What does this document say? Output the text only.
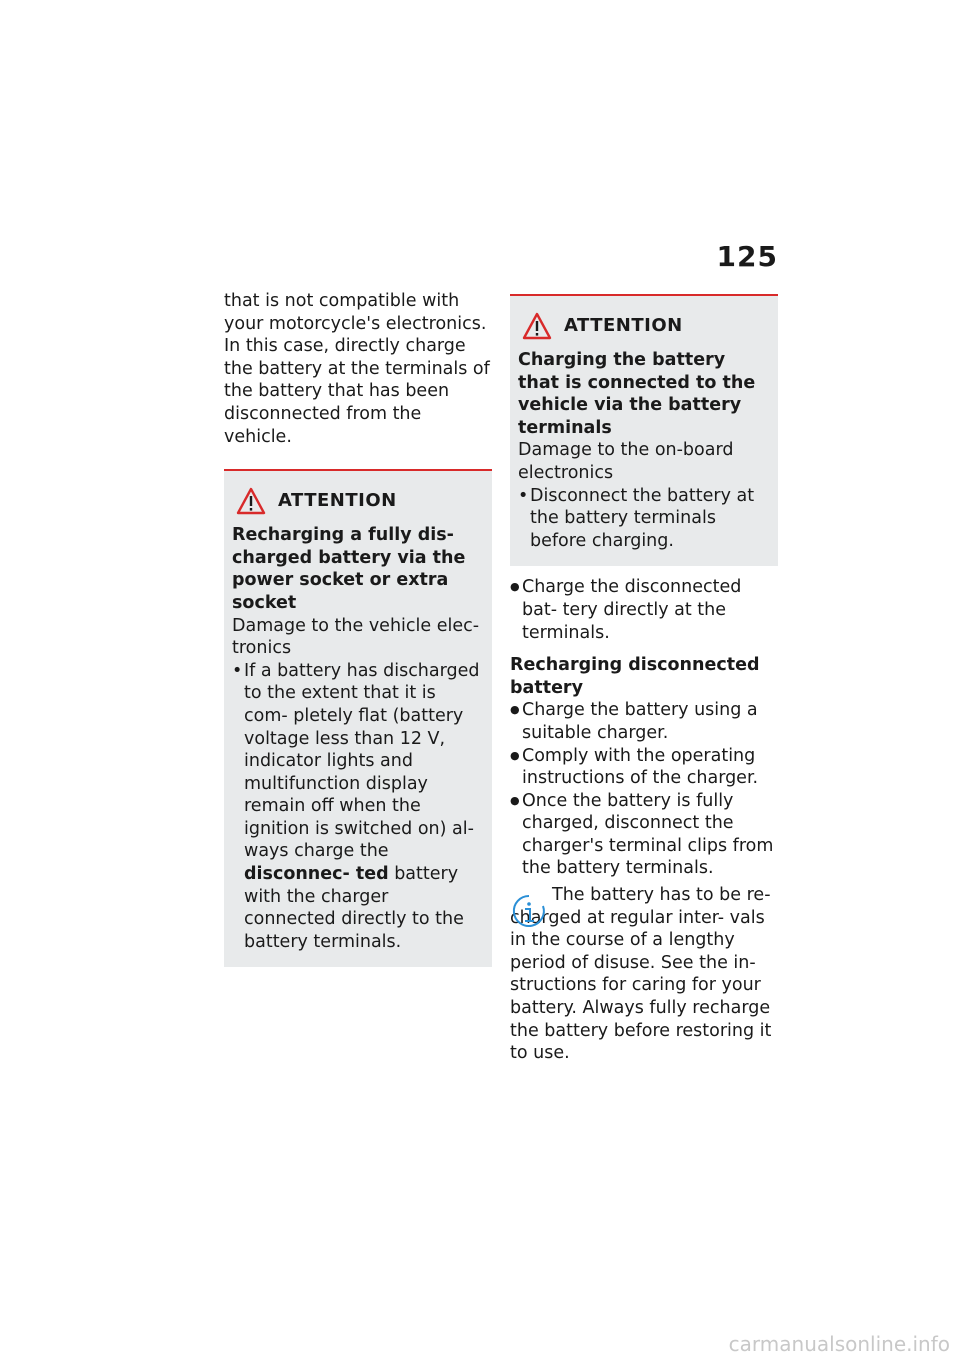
125

that is not compatible with your motorcycle's electronics. In this case, directly charge the battery at the terminals of the battery that has been disconnected from the vehicle.

ATTENTION

Recharging a fully dis- charged battery via the power socket or extra socket

Damage to the vehicle elec- tronics

• If a battery has discharged to the extent that it is com- pletely flat (battery voltage less than 12 V, indicator lights and multifunction display remain off when the ignition is switched on) al- ways charge the disconnec- ted battery with the charger connected directly to the battery terminals.
ATTENTION

Charging the battery that is connected to the vehicle via the battery terminals

Damage to the on-board electronics

• Disconnect the battery at the battery terminals before charging.
● Charge the disconnected bat- tery directly at the terminals.

Recharging disconnected battery

● Charge the battery using a suitable charger.
● Comply with the operating instructions of the charger.
● Once the battery is fully charged, disconnect the charger's terminal clips from the battery terminals.

The battery has to be re- charged at regular inter- vals in the course of a lengthy period of disuse. See the in- structions for caring for your battery. Always fully recharge the battery before restoring it to use.

carmanualsonline.info
